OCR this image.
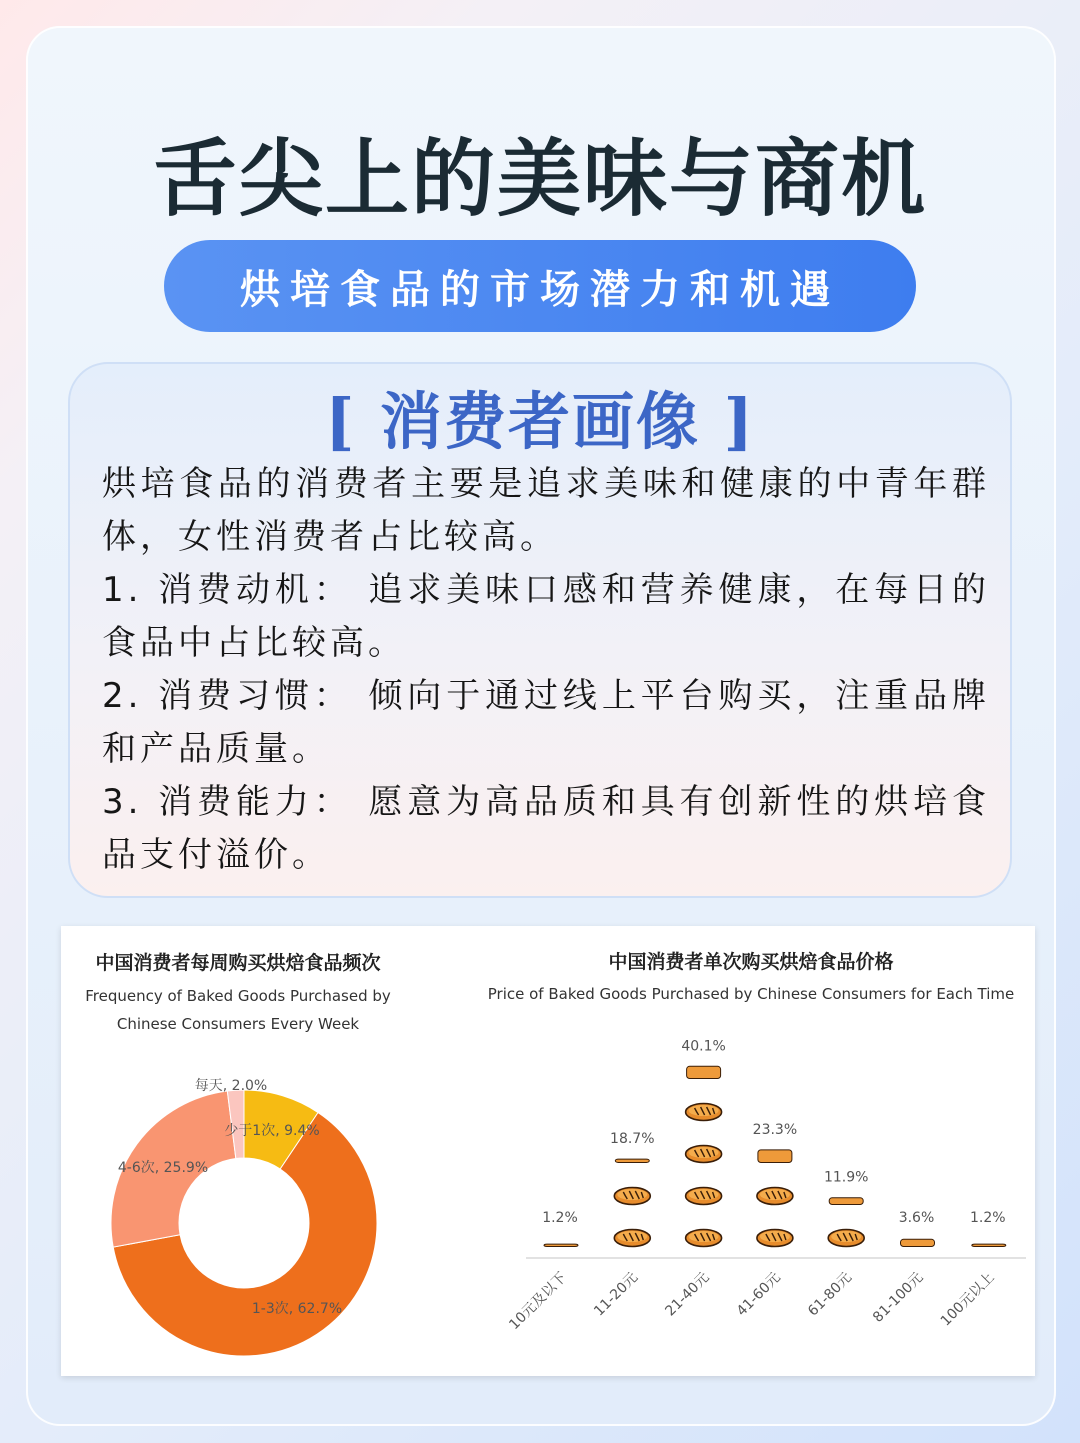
舌尖上的美味与商机
烘培食品的市场潜力和机遇
[ 消费者画像 ]

烘培食品的消费者主要是追求美味和健康的中青年群体，女性消费者占比较高。

1. 消费动机： 追求美味口感和营养健康，在每日的食品中占比较高。

2. 消费习惯： 倾向于通过线上平台购买，注重品牌和产品质量。

3. 消费能力： 愿意为高品质和具有创新性的烘培食品支付溢价。

中国消费者每周购买烘焙食品频次
Frequency of Baked Goods Purchased by
Chinese Consumers Every Week
每天, 2.0%
少于1次, 9.4%
4-6次, 25.9%
1-3次, 62.7%
中国消费者单次购买烘焙食品价格
Price of Baked Goods Purchased by Chinese Consumers for Each Time
1.2%
10元及以下
18.7%
11-20元
40.1%
21-40元
23.3%
41-60元
11.9%
61-80元
3.6%
81-100元
1.2%
100元以上
